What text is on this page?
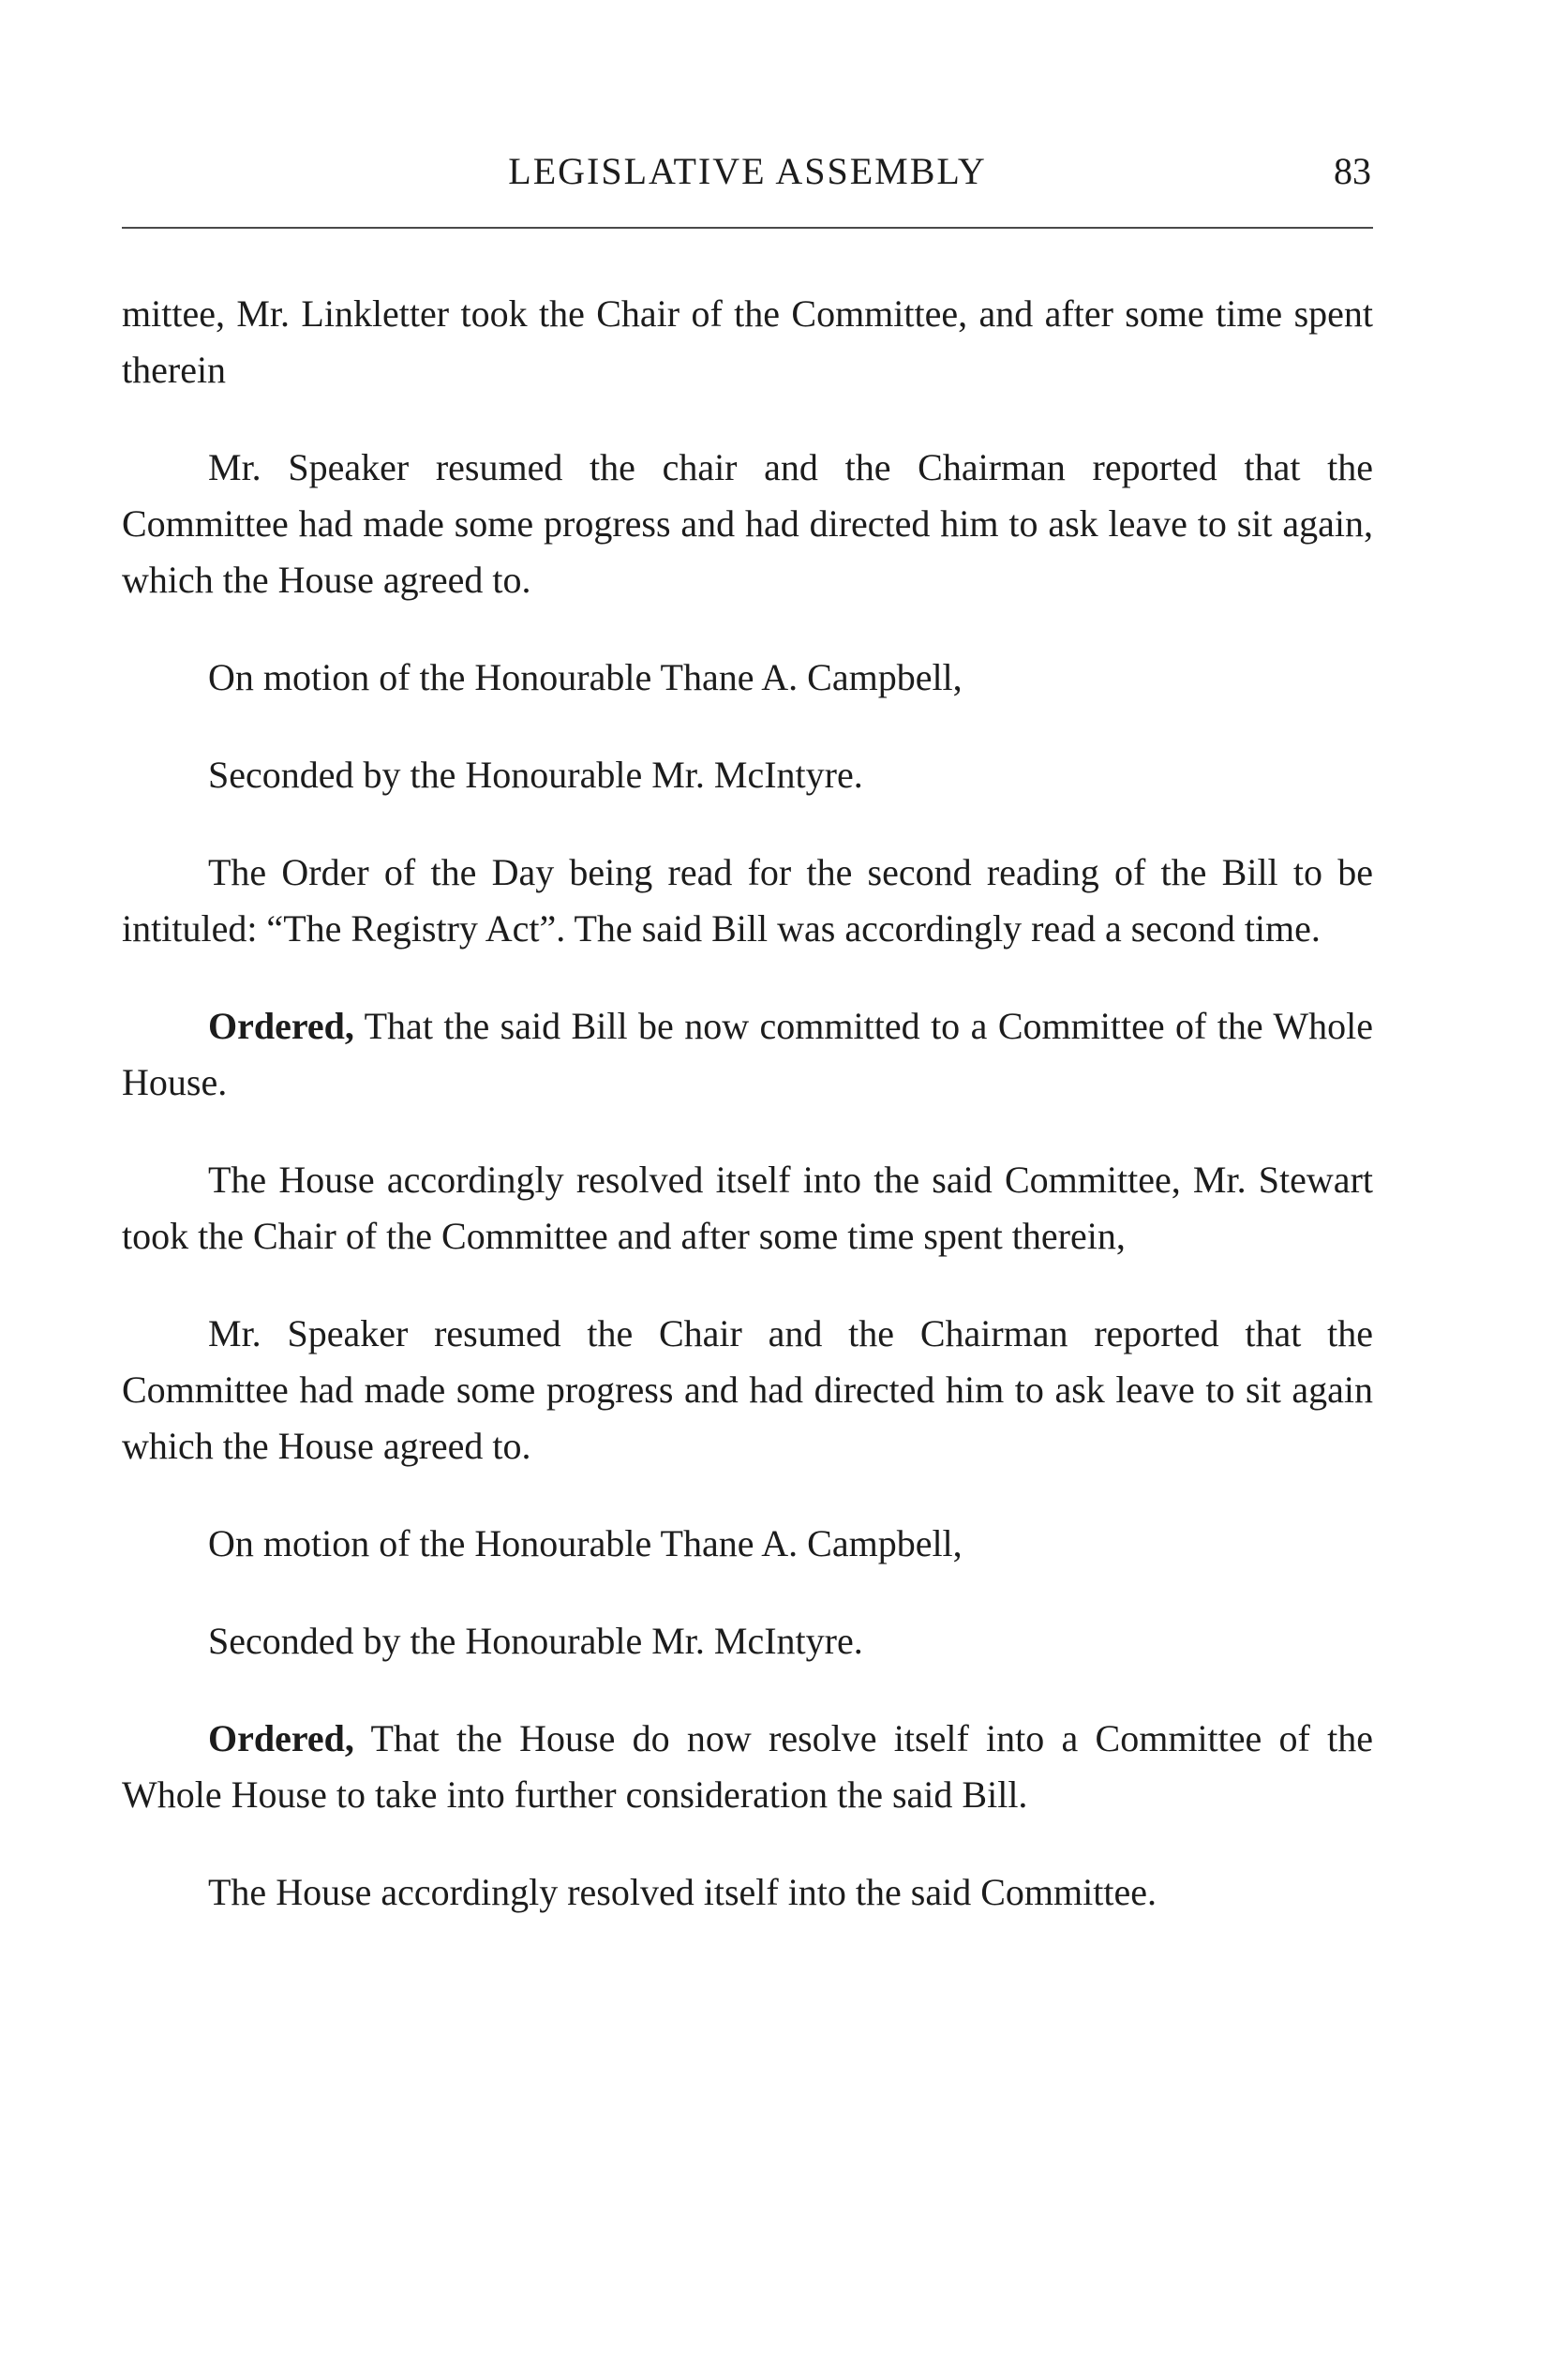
LEGISLATIVE ASSEMBLY	83

mittee, Mr. Linkletter took the Chair of the Committee, and after some time spent therein

Mr. Speaker resumed the chair and the Chairman reported that the Committee had made some progress and had directed him to ask leave to sit again, which the House agreed to.

On motion of the Honourable Thane A. Campbell,

Seconded by the Honourable Mr. McIntyre.

The Order of the Day being read for the second reading of the Bill to be intituled: “The Registry Act”. The said Bill was accordingly read a second time.

Ordered, That the said Bill be now committed to a Committee of the Whole House.

The House accordingly resolved itself into the said Committee, Mr. Stewart took the Chair of the Committee and after some time spent therein,

Mr. Speaker resumed the Chair and the Chairman reported that the Committee had made some progress and had directed him to ask leave to sit again which the House agreed to.

On motion of the Honourable Thane A. Campbell,

Seconded by the Honourable Mr. McIntyre.

Ordered, That the House do now resolve itself into a Committee of the Whole House to take into further consideration the said Bill.

The House accordingly resolved itself into the said Committee.
